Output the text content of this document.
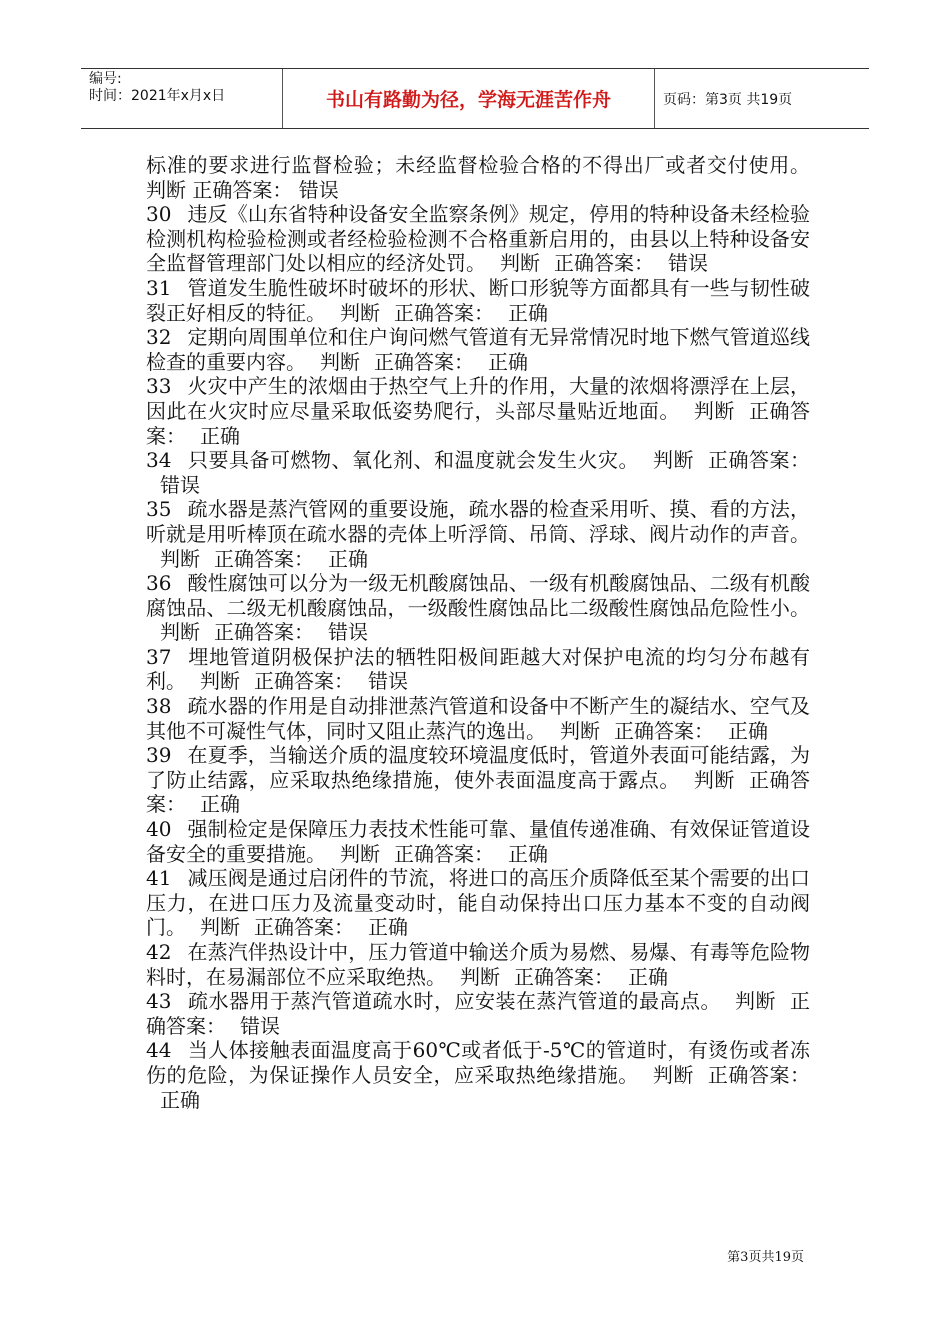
编号:
时间：2021年x月x日	书山有路勤为径，学海无涯苦作舟	页码：第3页 共19页
标准的要求进行监督检验；未经监督检验合格的不得出厂或者交付使用。 判断 正确答案： 错误
30 违反《山东省特种设备安全监察条例》规定，停用的特种设备未经检验检测机构检验检测或者经检验检测不合格重新启用的，由县以上特种设备安全监督管理部门处以相应的经济处罚。 判断 正确答案： 错误
31 管道发生脆性破坏时破坏的形状、断口形貌等方面都具有一些与韧性破裂正好相反的特征。 判断 正确答案： 正确
32 定期向周围单位和住户询问燃气管道有无异常情况时地下燃气管道巡线检查的重要内容。 判断 正确答案： 正确
33 火灾中产生的浓烟由于热空气上升的作用，大量的浓烟将漂浮在上层，因此在火灾时应尽量采取低姿势爬行，头部尽量贴近地面。 判断 正确答案： 正确
34 只要具备可燃物、氧化剂、和温度就会发生火灾。 判断 正确答案：错误
35 疏水器是蒸汽管网的重要设施，疏水器的检查采用听、摸、看的方法，听就是用听棒顶在疏水器的壳体上听浮筒、吊筒、浮球、阀片动作的声音。判断 正确答案： 正确
36 酸性腐蚀可以分为一级无机酸腐蚀品、一级有机酸腐蚀品、二级有机酸腐蚀品、二级无机酸腐蚀品，一级酸性腐蚀品比二级酸性腐蚀品危险性小。判断 正确答案： 错误
37 埋地管道阴极保护法的牺牲阳极间距越大对保护电流的均匀分布越有利。 判断 正确答案： 错误
38 疏水器的作用是自动排泄蒸汽管道和设备中不断产生的凝结水、空气及其他不可凝性气体，同时又阻止蒸汽的逸出。 判断 正确答案： 正确
39 在夏季，当输送介质的温度较环境温度低时，管道外表面可能结露，为了防止结露，应采取热绝缘措施，使外表面温度高于露点。 判断 正确答案： 正确
40 强制检定是保障压力表技术性能可靠、量值传递准确、有效保证管道设备安全的重要措施。 判断 正确答案： 正确
41 减压阀是通过启闭件的节流，将进口的高压介质降低至某个需要的出口压力，在进口压力及流量变动时，能自动保持出口压力基本不变的自动阀门。 判断 正确答案： 正确
42 在蒸汽伴热设计中，压力管道中输送介质为易燃、易爆、有毒等危险物料时，在易漏部位不应采取绝热。 判断 正确答案： 正确
43 疏水器用于蒸汽管道疏水时，应安装在蒸汽管道的最高点。 判断 正确答案： 错误
44 当人体接触表面温度高于60℃或者低于-5℃的管道时，有烫伤或者冻伤的危险，为保证操作人员安全，应采取热绝缘措施。 判断 正确答案：正确
第3页共19页
